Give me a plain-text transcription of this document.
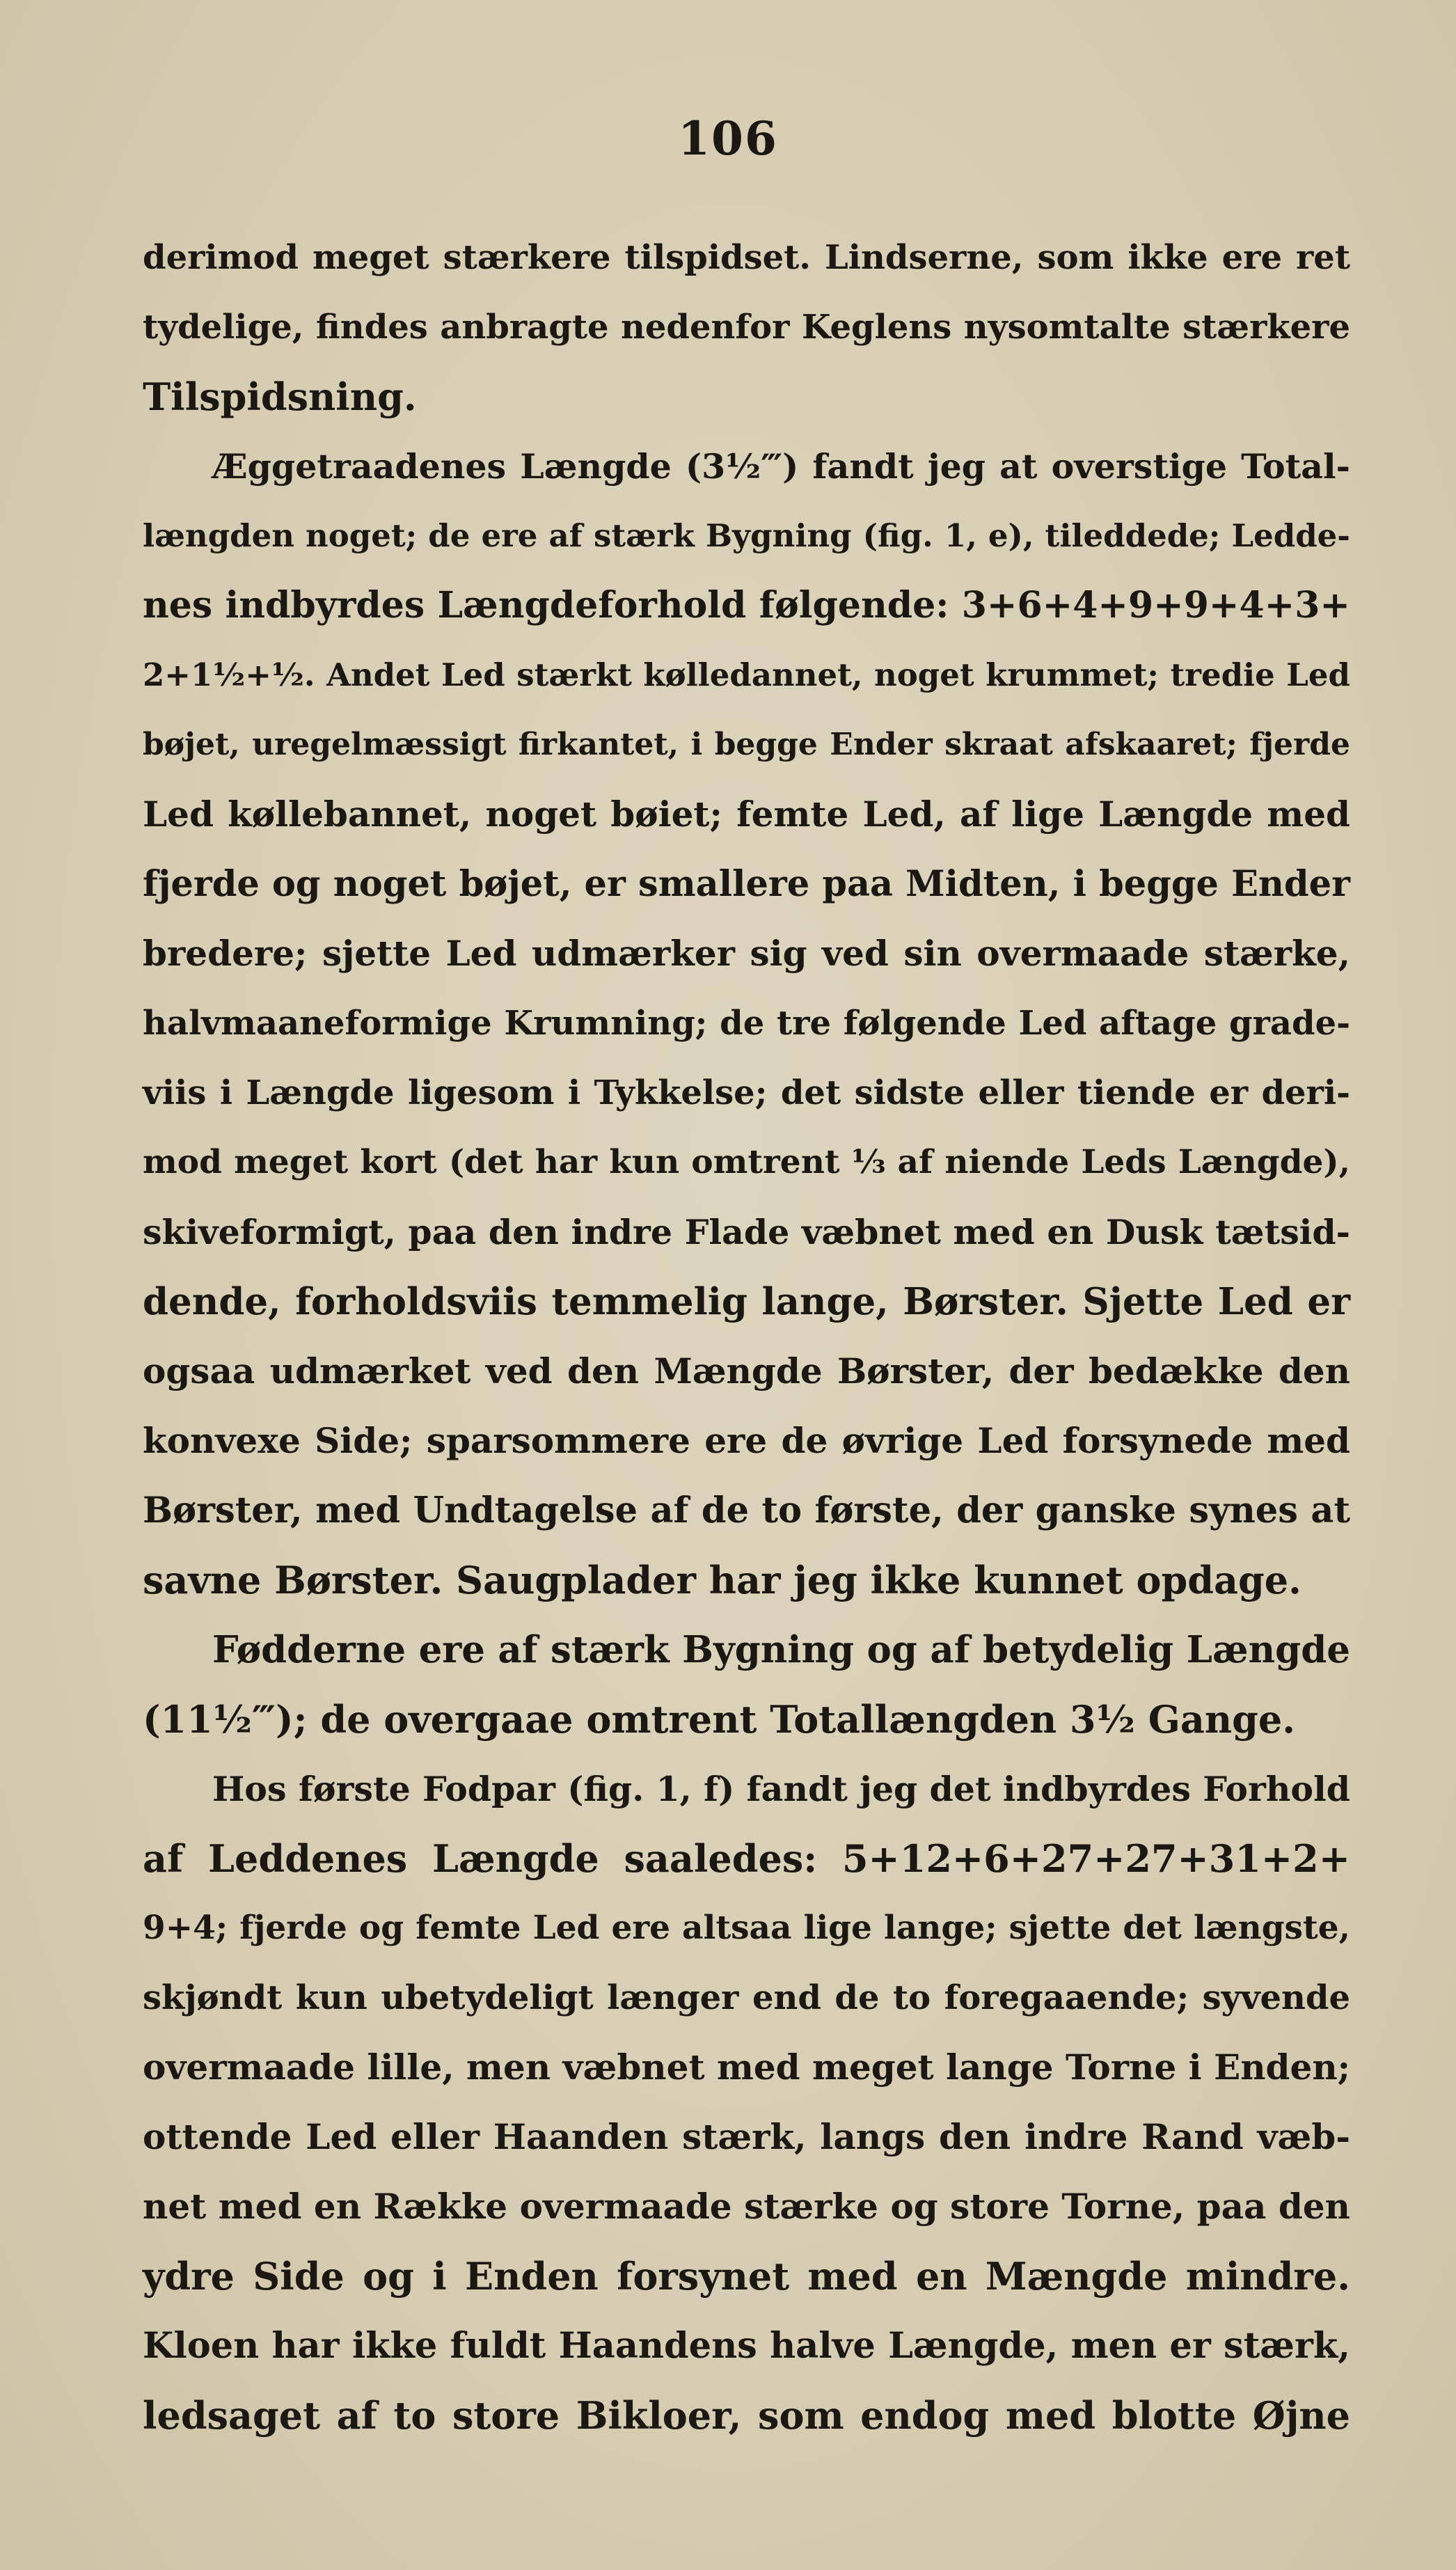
106
derimod meget stærkere tilspidset. Lindserne, som ikke ere ret
tydelige, findes anbragte nedenfor Keglens nysomtalte stærkere
Tilspidsning.
Æggetraadenes Længde (3½‴) fandt jeg at overstige Total-
længden noget; de ere af stærk Bygning (fig. 1, e), tileddede; Ledde-
nes indbyrdes Længdeforhold følgende: 3+6+4+9+9+4+3+
2+1½+½. Andet Led stærkt kølledannet, noget krummet; tredie Led
bøjet, uregelmæssigt firkantet, i begge Ender skraat afskaaret; fjerde
Led køllebannet, noget bøiet; femte Led, af lige Længde med
fjerde og noget bøjet, er smallere paa Midten, i begge Ender
bredere; sjette Led udmærker sig ved sin overmaade stærke,
halvmaaneformige Krumning; de tre følgende Led aftage grade-
viis i Længde ligesom i Tykkelse; det sidste eller tiende er deri-
mod meget kort (det har kun omtrent ⅓ af niende Leds Længde),
skiveformigt, paa den indre Flade væbnet med en Dusk tætsid-
dende, forholdsviis temmelig lange, Børster. Sjette Led er
ogsaa udmærket ved den Mængde Børster, der bedække den
konvexe Side; sparsommere ere de øvrige Led forsynede med
Børster, med Undtagelse af de to første, der ganske synes at
savne Børster. Saugplader har jeg ikke kunnet opdage.
Fødderne ere af stærk Bygning og af betydelig Længde
(11½‴); de overgaae omtrent Totallængden 3½ Gange.
Hos første Fodpar (fig. 1, f) fandt jeg det indbyrdes Forhold
af Leddenes Længde saaledes: 5+12+6+27+27+31+2+
9+4; fjerde og femte Led ere altsaa lige lange; sjette det længste,
skjøndt kun ubetydeligt længer end de to foregaaende; syvende
overmaade lille, men væbnet med meget lange Torne i Enden;
ottende Led eller Haanden stærk, langs den indre Rand væb-
net med en Række overmaade stærke og store Torne, paa den
ydre Side og i Enden forsynet med en Mængde mindre.
Kloen har ikke fuldt Haandens halve Længde, men er stærk,
ledsaget af to store Bikloer, som endog med blotte Øjne
